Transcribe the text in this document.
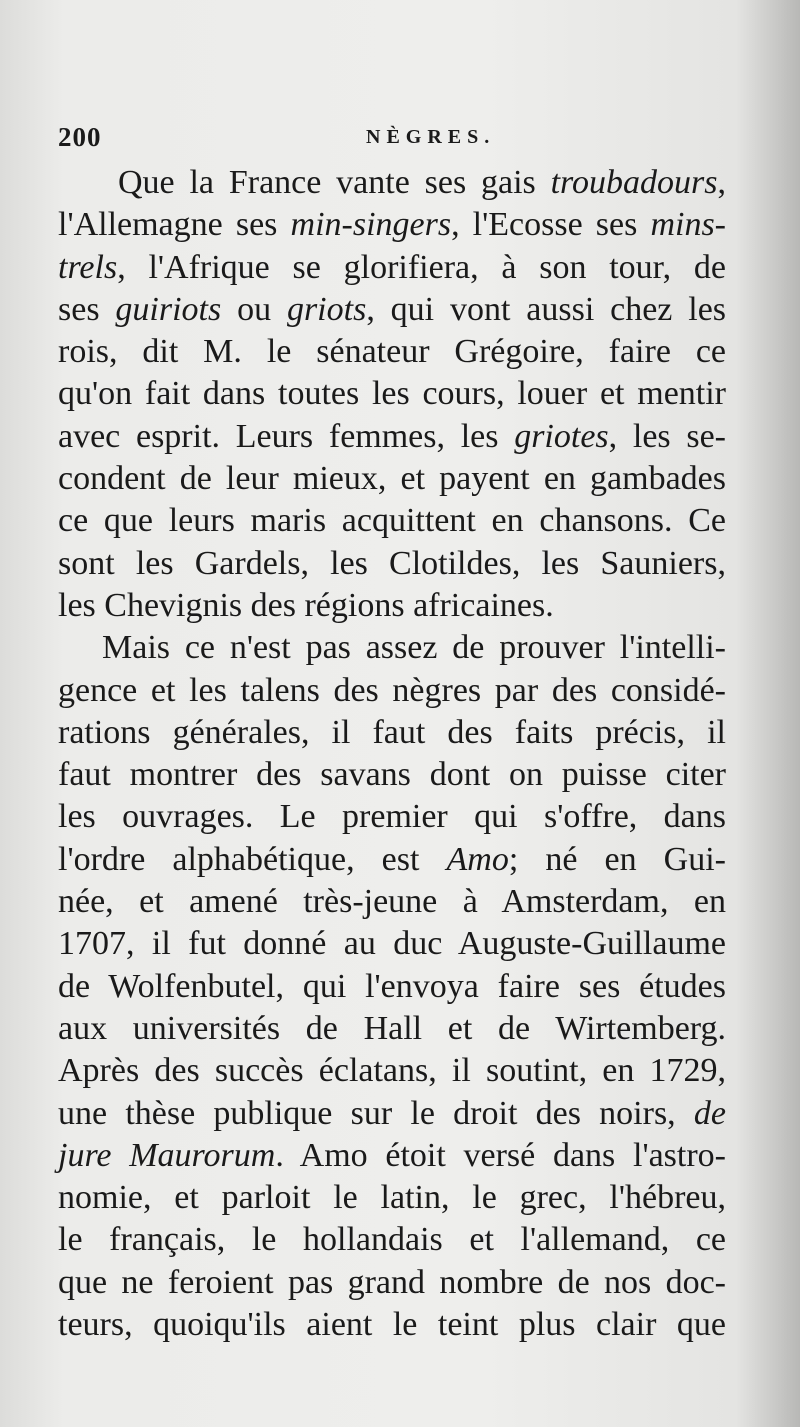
200	NÈGRES.
Que la France vante ses gais troubadours,
l'Allemagne ses min-singers, l'Ecosse ses mins-
trels, l'Afrique se glorifiera, à son tour, de
ses guiriots ou griots, qui vont aussi chez les
rois, dit M. le sénateur Grégoire, faire ce
qu'on fait dans toutes les cours, louer et mentir
avec esprit. Leurs femmes, les griotes, les se-
condent de leur mieux, et payent en gambades
ce que leurs maris acquittent en chansons. Ce
sont les Gardels, les Clotildes, les Sauniers,
les Chevignis des régions africaines.
Mais ce n'est pas assez de prouver l'intelli-
gence et les talens des nègres par des considé-
rations générales, il faut des faits précis, il
faut montrer des savans dont on puisse citer
les ouvrages. Le premier qui s'offre, dans
l'ordre alphabétique, est Amo; né en Gui-
née, et amené très-jeune à Amsterdam, en
1707, il fut donné au duc Auguste-Guillaume
de Wolfenbutel, qui l'envoya faire ses études
aux universités de Hall et de Wirtemberg.
Après des succès éclatans, il soutint, en 1729,
une thèse publique sur le droit des noirs, de
jure Maurorum. Amo étoit versé dans l'astro-
nomie, et parloit le latin, le grec, l'hébreu,
le français, le hollandais et l'allemand, ce
que ne feroient pas grand nombre de nos doc-
teurs, quoiqu'ils aient le teint plus clair que
